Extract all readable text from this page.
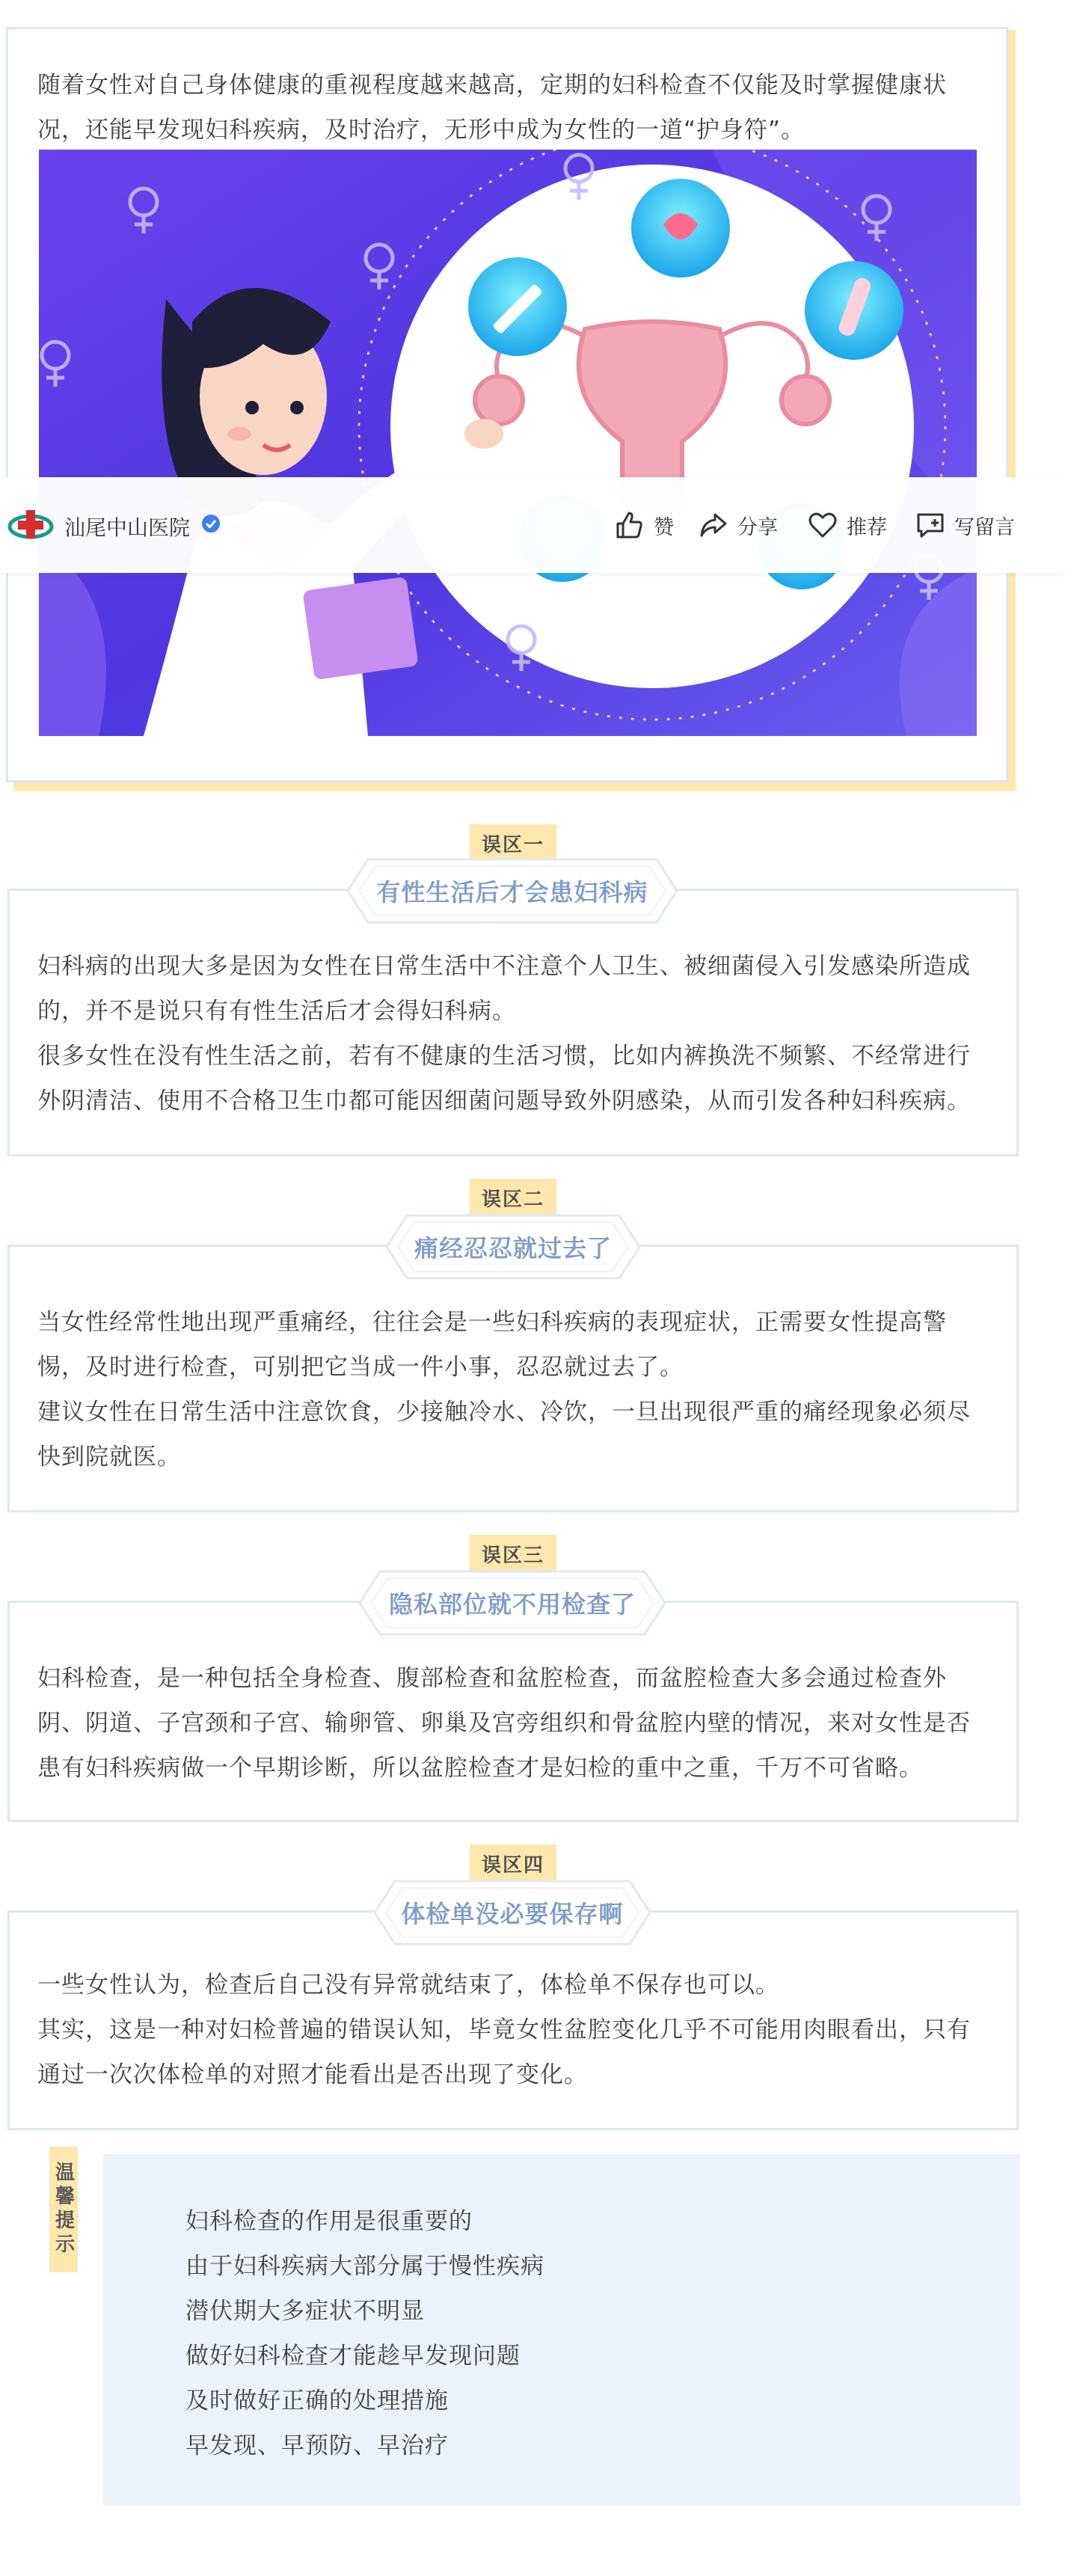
随着女性对自己身体健康的重视程度越来越高，定期的妇科检查不仅能及时掌握健康状况，还能早发现妇科疾病，及时治疗，无形中成为女性的一道“护身符”。
汕尾中山医院	赞	分享	推荐	写留言
误区一
有性生活后才会患妇科病

妇科病的出现大多是因为女性在日常生活中不注意个人卫生、被细菌侵入引发感染所造成的，并不是说只有有性生活后才会得妇科病。

很多女性在没有性生活之前，若有不健康的生活习惯，比如内裤换洗不频繁、不经常进行外阴清洁、使用不合格卫生巾都可能因细菌问题导致外阴感染，从而引发各种妇科疾病。

误区二
痛经忍忍就过去了

当女性经常性地出现严重痛经，往往会是一些妇科疾病的表现症状，正需要女性提高警惕，及时进行检查，可别把它当成一件小事，忍忍就过去了。

建议女性在日常生活中注意饮食，少接触冷水、冷饮，一旦出现很严重的痛经现象必须尽快到院就医。

误区三
隐私部位就不用检查了

妇科检查，是一种包括全身检查、腹部检查和盆腔检查，而盆腔检查大多会通过检查外阴、阴道、子宫颈和子宫、输卵管、卵巢及宫旁组织和骨盆腔内壁的情况，来对女性是否患有妇科疾病做一个早期诊断，所以盆腔检查才是妇检的重中之重，千万不可省略。

误区四
体检单没必要保存啊

一些女性认为，检查后自己没有异常就结束了，体检单不保存也可以。

其实，这是一种对妇检普遍的错误认知，毕竟女性盆腔变化几乎不可能用肉眼看出，只有通过一次次体检单的对照才能看出是否出现了变化。

温馨提示	妇科检查的作用是很重要的
由于妇科疾病大部分属于慢性疾病
潜伏期大多症状不明显
做好妇科检查才能趁早发现问题
及时做好正确的处理措施
早发现、早预防、早治疗
